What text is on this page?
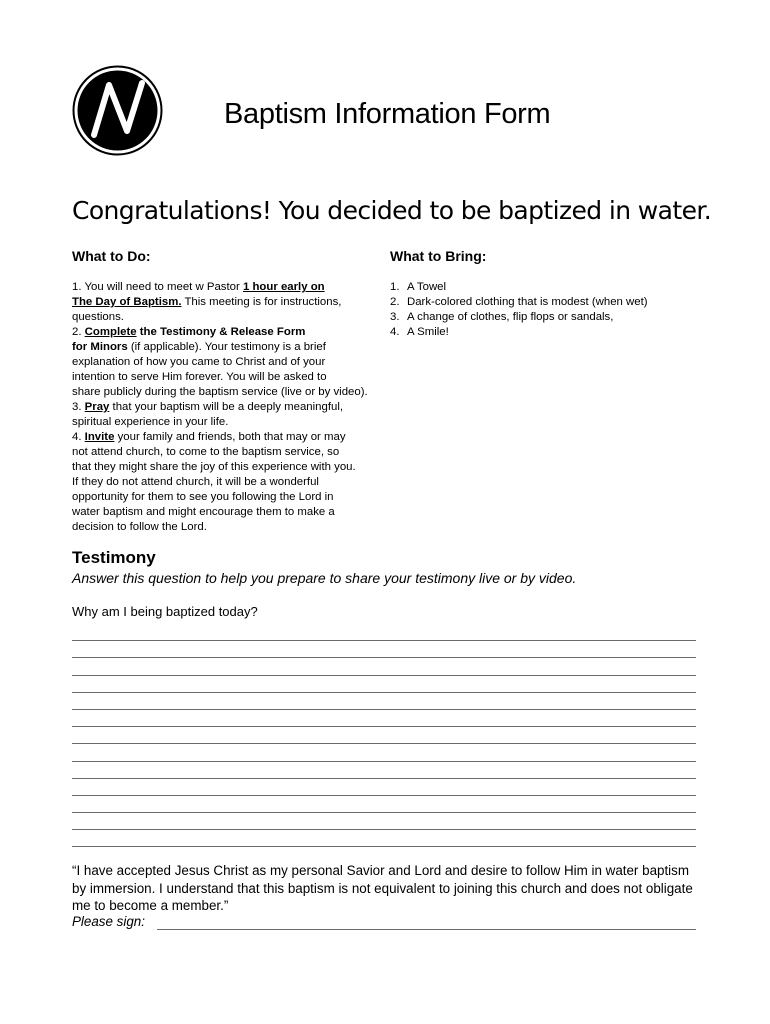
Baptism Information Form
Congratulations! You decided to be baptized in water.
What to Do:	What to Bring:
1. You will need to meet w Pastor 1 hour early on
The Day of Baptism. This meeting is for instructions,
questions.
2. Complete the Testimony & Release Form
for Minors (if applicable). Your testimony is a brief
explanation of how you came to Christ and of your
intention to serve Him forever. You will be asked to
share publicly during the baptism service (live or by video).
3. Pray that your baptism will be a deeply meaningful,
spiritual experience in your life.
4. Invite your family and friends, both that may or may
not attend church, to come to the baptism service, so
that they might share the joy of this experience with you.
If they do not attend church, it will be a wonderful
opportunity for them to see you following the Lord in
water baptism and might encourage them to make a
decision to follow the Lord.
1. A Towel
2. Dark-colored clothing that is modest (when wet)
3. A change of clothes, flip flops or sandals,
4. A Smile!
Testimony
Answer this question to help you prepare to share your testimony live or by video.
Why am I being baptized today?
“I have accepted Jesus Christ as my personal Savior and Lord and desire to follow Him in water baptism by immersion. I understand that this baptism is not equivalent to joining this church and does not obligate me to become a member.”
Please sign:
